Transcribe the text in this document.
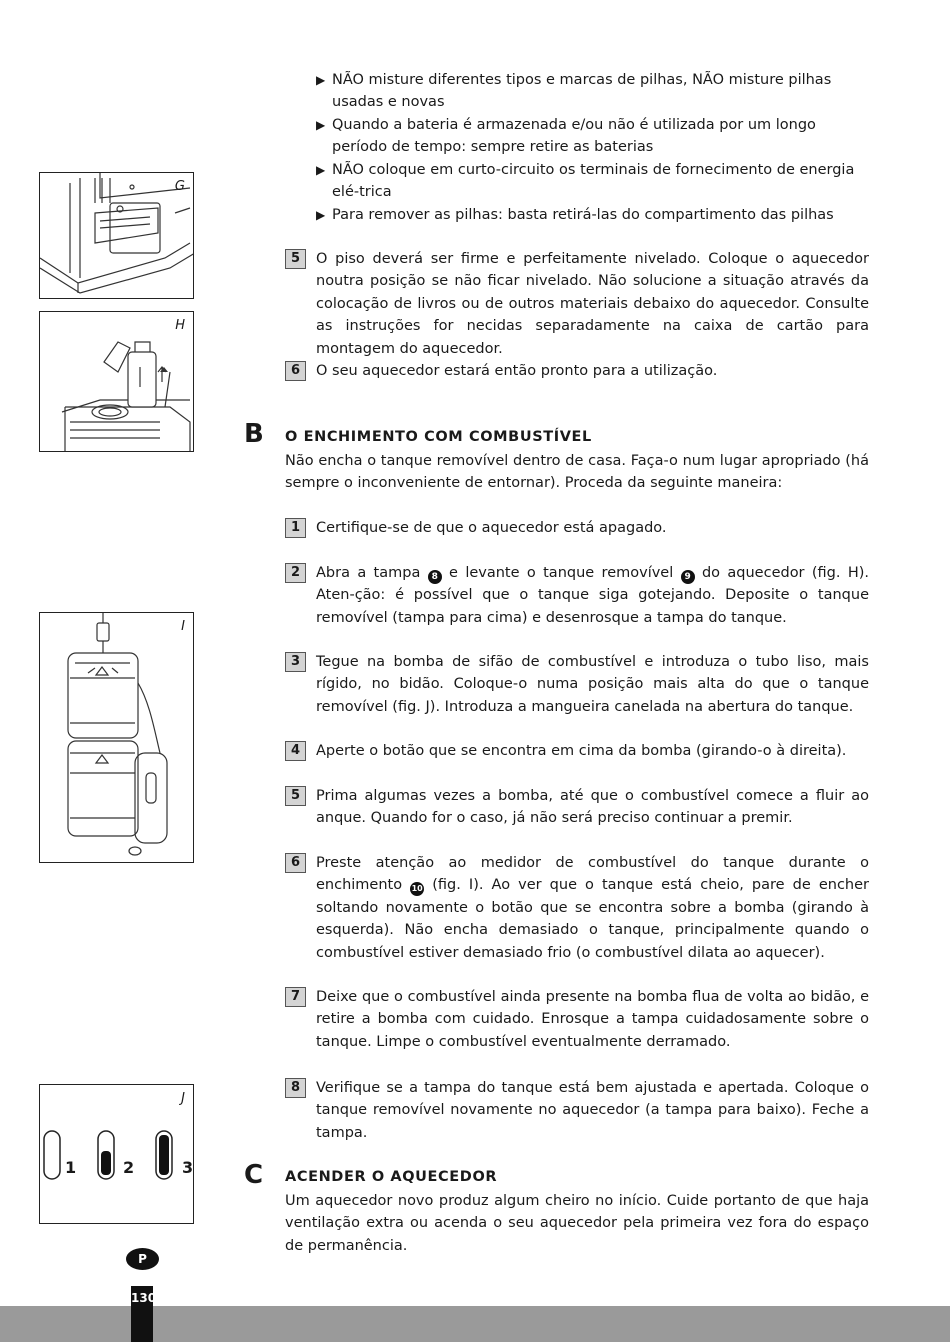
▶ NÃO misture diferentes tipos e marcas de pilhas, NÃO misture pilhas usadas e novas
▶ Quando a bateria é armazenada e/ou não é utilizada por um longo período de tempo: sempre retire as baterias
▶ NÃO coloque em curto-circuito os terminais de fornecimento de energia elé-trica
▶ Para remover as pilhas: basta retirá-las do compartimento das pilhas
5	O piso deverá ser firme e perfeitamente nivelado. Coloque o aquecedor noutra posição se não ficar nivelado. Não solucione a situação através da colocação de livros ou de outros materiais debaixo do aquecedor. Consulte as instruções for necidas separadamente na caixa de cartão para montagem do aquecedor.
6	O seu aquecedor estará então pronto para a utilização.
B O ENCHIMENTO COM COMBUSTÍVEL
Não encha o tanque removível dentro de casa. Faça-o num lugar apropriado (há sempre o inconveniente de entornar). Proceda da seguinte maneira:
1	Certifique-se de que o aquecedor está apagado.
2	Abra a tampa 8 e levante o tanque removível 9 do aquecedor (fig. H). Aten-ção: é possível que o tanque siga gotejando. Deposite o tanque removível (tampa para cima) e desenrosque a tampa do tanque.
3	Tegue na bomba de sifão de combustível e introduza o tubo liso, mais rígido, no bidão. Coloque-o numa posição mais alta do que o tanque removível (fig. J). Introduza a mangueira canelada na abertura do tanque.
4	Aperte o botão que se encontra em cima da bomba (girando-o à direita).
5	Prima algumas vezes a bomba, até que o combustível comece a fluir ao anque. Quando for o caso, já não será preciso continuar a premir.
6	Preste atenção ao medidor de combustível do tanque durante o enchimento 10 (fig. I). Ao ver que o tanque está cheio, pare de encher soltando novamente o botão que se encontra sobre a bomba (girando à esquerda). Não encha demasiado o tanque, principalmente quando o combustível estiver demasiado frio (o combustível dilata ao aquecer).
7	Deixe que o combustível ainda presente na bomba flua de volta ao bidão, e retire a bomba com cuidado. Enrosque a tampa cuidadosamente sobre o tanque. Limpe o combustível eventualmente derramado.
8	Verifique se a tampa do tanque está bem ajustada e apertada. Coloque o tanque removível novamente no aquecedor (a tampa para baixo). Feche a tampa.
C ACENDER O AQUECEDOR
Um aquecedor novo produz algum cheiro no início. Cuide portanto de que haja ventilação extra ou acenda o seu aquecedor pela primeira vez fora do espaço de permanência.
G
H
I
J
1	2	3
P
130
